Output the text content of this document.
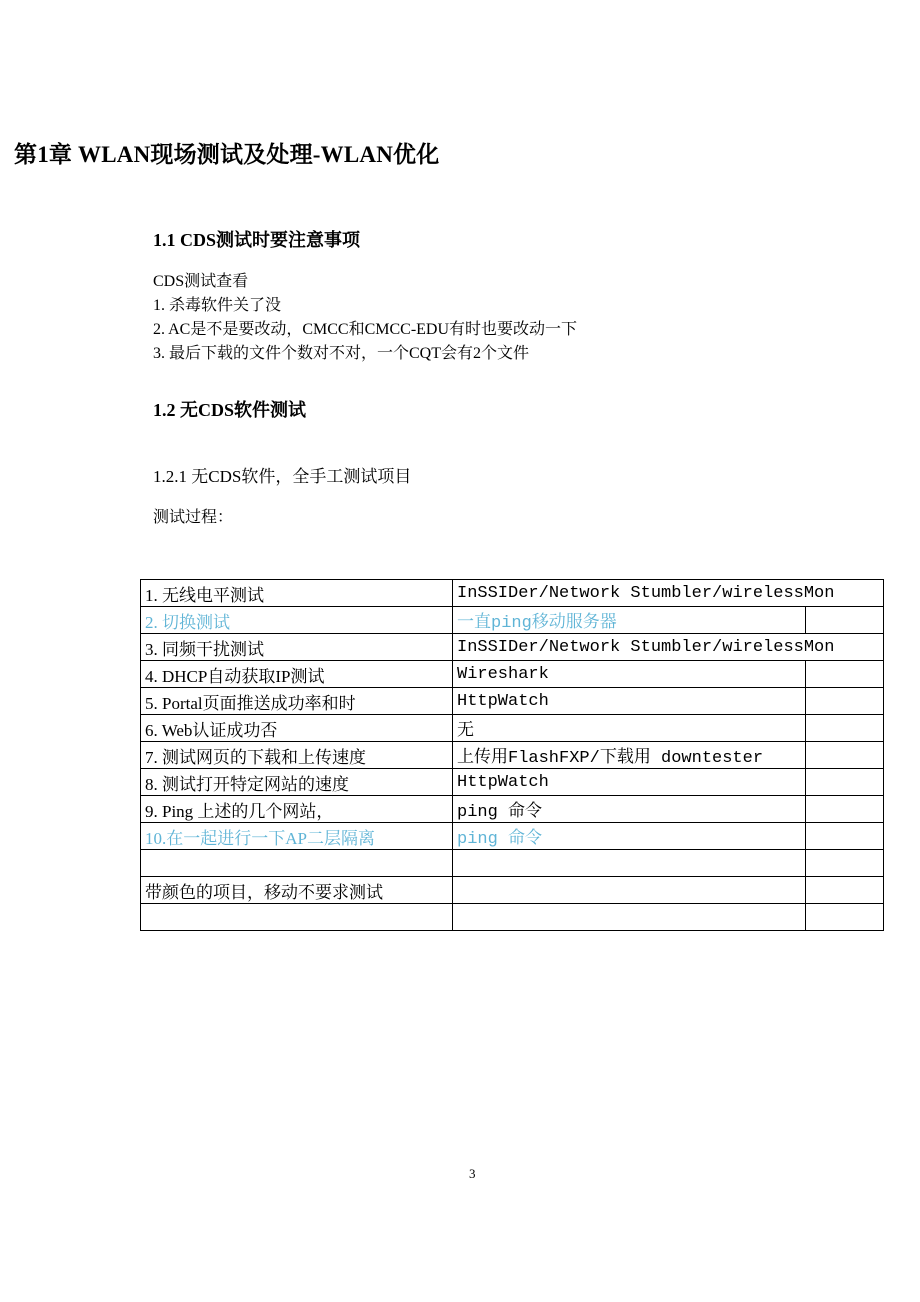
第1章 WLAN现场测试及处理-WLAN优化
1.1 CDS测试时要注意事项
CDS测试查看
1. 杀毒软件关了没
2. AC是不是要改动，CMCC和CMCC-EDU有时也要改动一下
3. 最后下载的文件个数对不对，一个CQT会有2个文件
1.2 无CDS软件测试
1.2.1 无CDS软件，全手工测试项目
测试过程：
1. 无线电平测试	InSSIDer/Network Stumbler/wirelessMon	
2. 切换测试	一直ping移动服务器	
3. 同频干扰测试	InSSIDer/Network Stumbler/wirelessMon	
4. DHCP自动获取IP测试	Wireshark	
5. Portal页面推送成功率和时	HttpWatch	
6. Web认证成功否	无	
7. 测试网页的下载和上传速度	上传用FlashFXP/下载用 downtester	
8. 测试打开特定网站的速度	HttpWatch	
9. Ping 上述的几个网站，	ping 命令	
10.在一起进行一下AP二层隔离	ping 命令	

带颜色的项目，移动不要求测试		

3
